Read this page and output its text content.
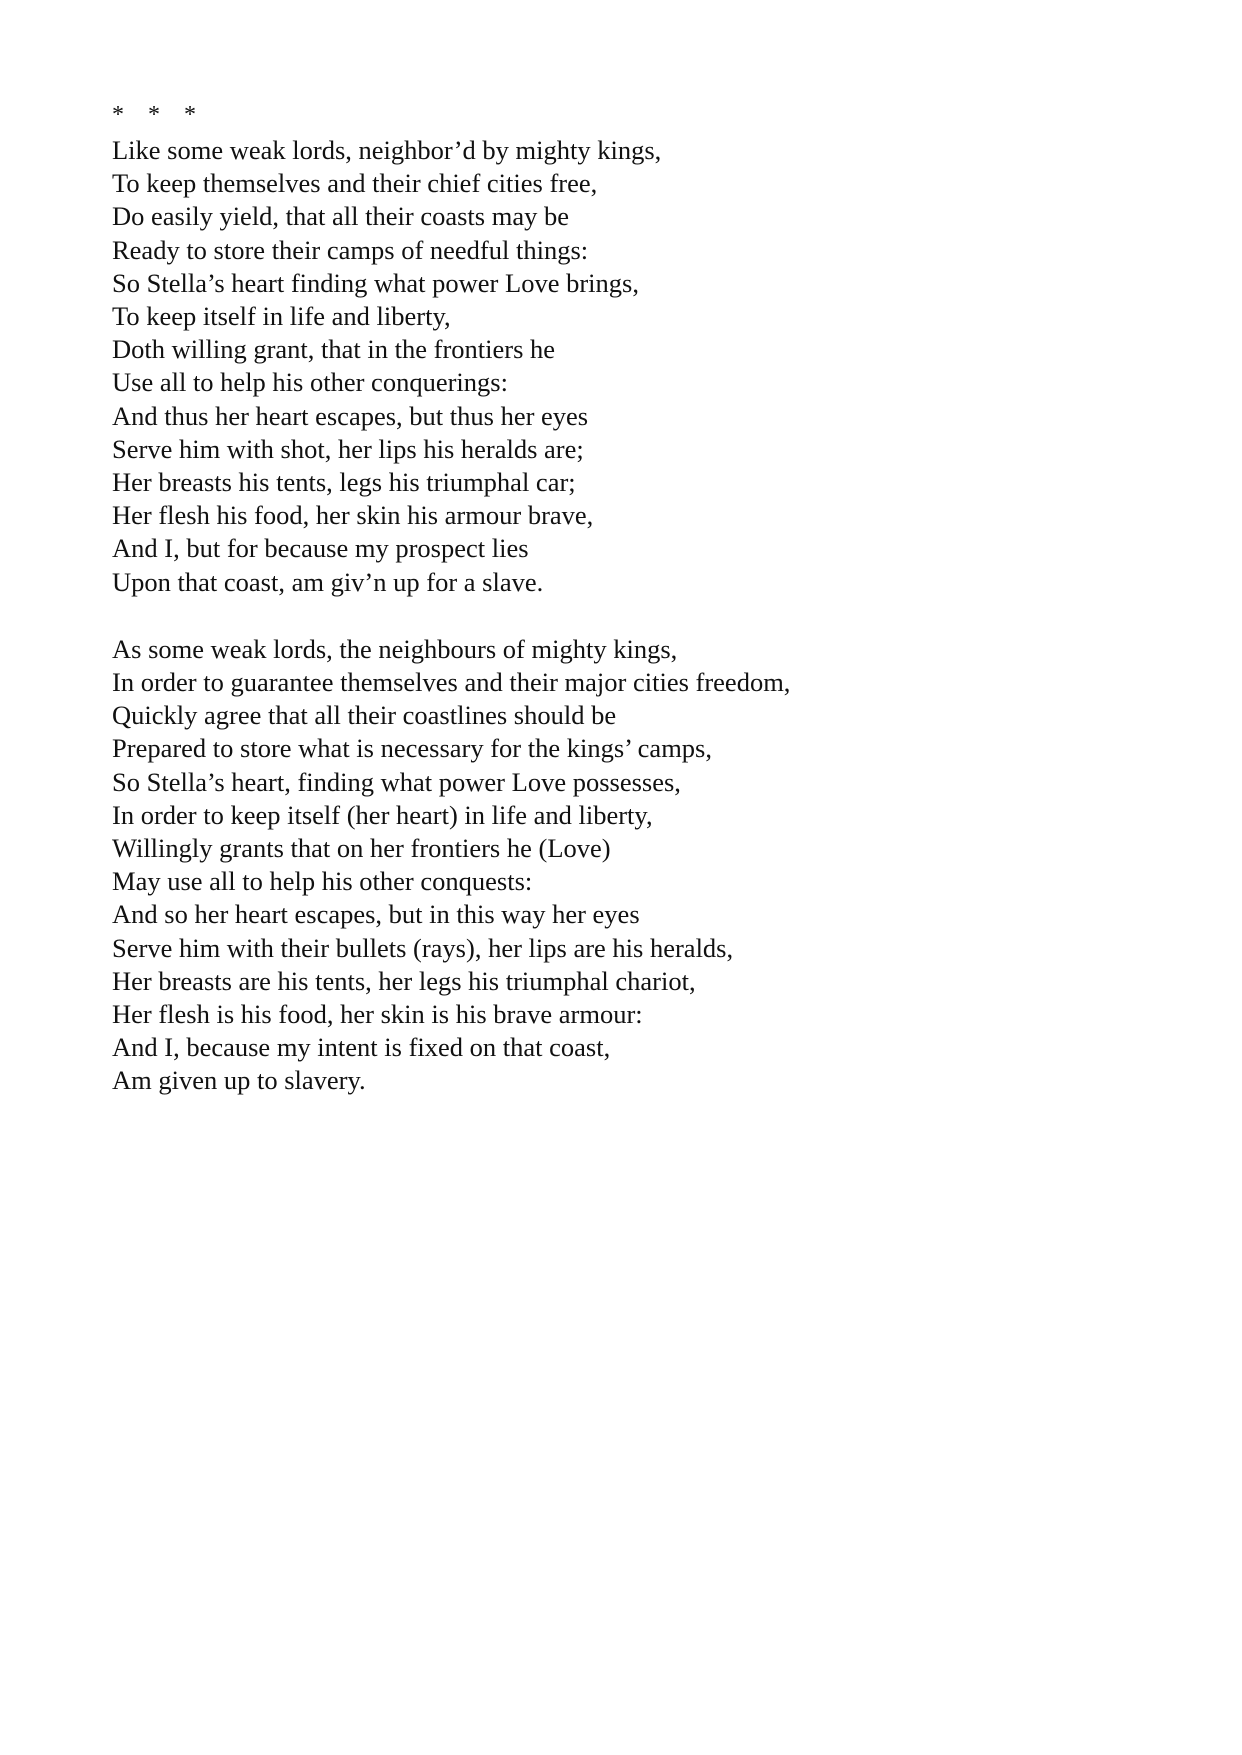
* * *
Like some weak lords, neighbor’d by mighty kings,
To keep themselves and their chief cities free,
Do easily yield, that all their coasts may be
Ready to store their camps of needful things:
So Stella’s heart finding what power Love brings,
To keep itself in life and liberty,
Doth willing grant, that in the frontiers he
Use all to help his other conquerings:
And thus her heart escapes, but thus her eyes
Serve him with shot, her lips his heralds are;
Her breasts his tents, legs his triumphal car;
Her flesh his food, her skin his armour brave,
And I, but for because my prospect lies
Upon that coast, am giv’n up for a slave.
As some weak lords, the neighbours of mighty kings,
In order to guarantee themselves and their major cities freedom,
Quickly agree that all their coastlines should be
Prepared to store what is necessary for the kings’ camps,
So Stella’s heart, finding what power Love possesses,
In order to keep itself (her heart) in life and liberty,
Willingly grants that on her frontiers he (Love)
May use all to help his other conquests:
And so her heart escapes, but in this way her eyes
Serve him with their bullets (rays), her lips are his heralds,
Her breasts are his tents, her legs his triumphal chariot,
Her flesh is his food, her skin is his brave armour:
And I, because my intent is fixed on that coast,
Am given up to slavery.
